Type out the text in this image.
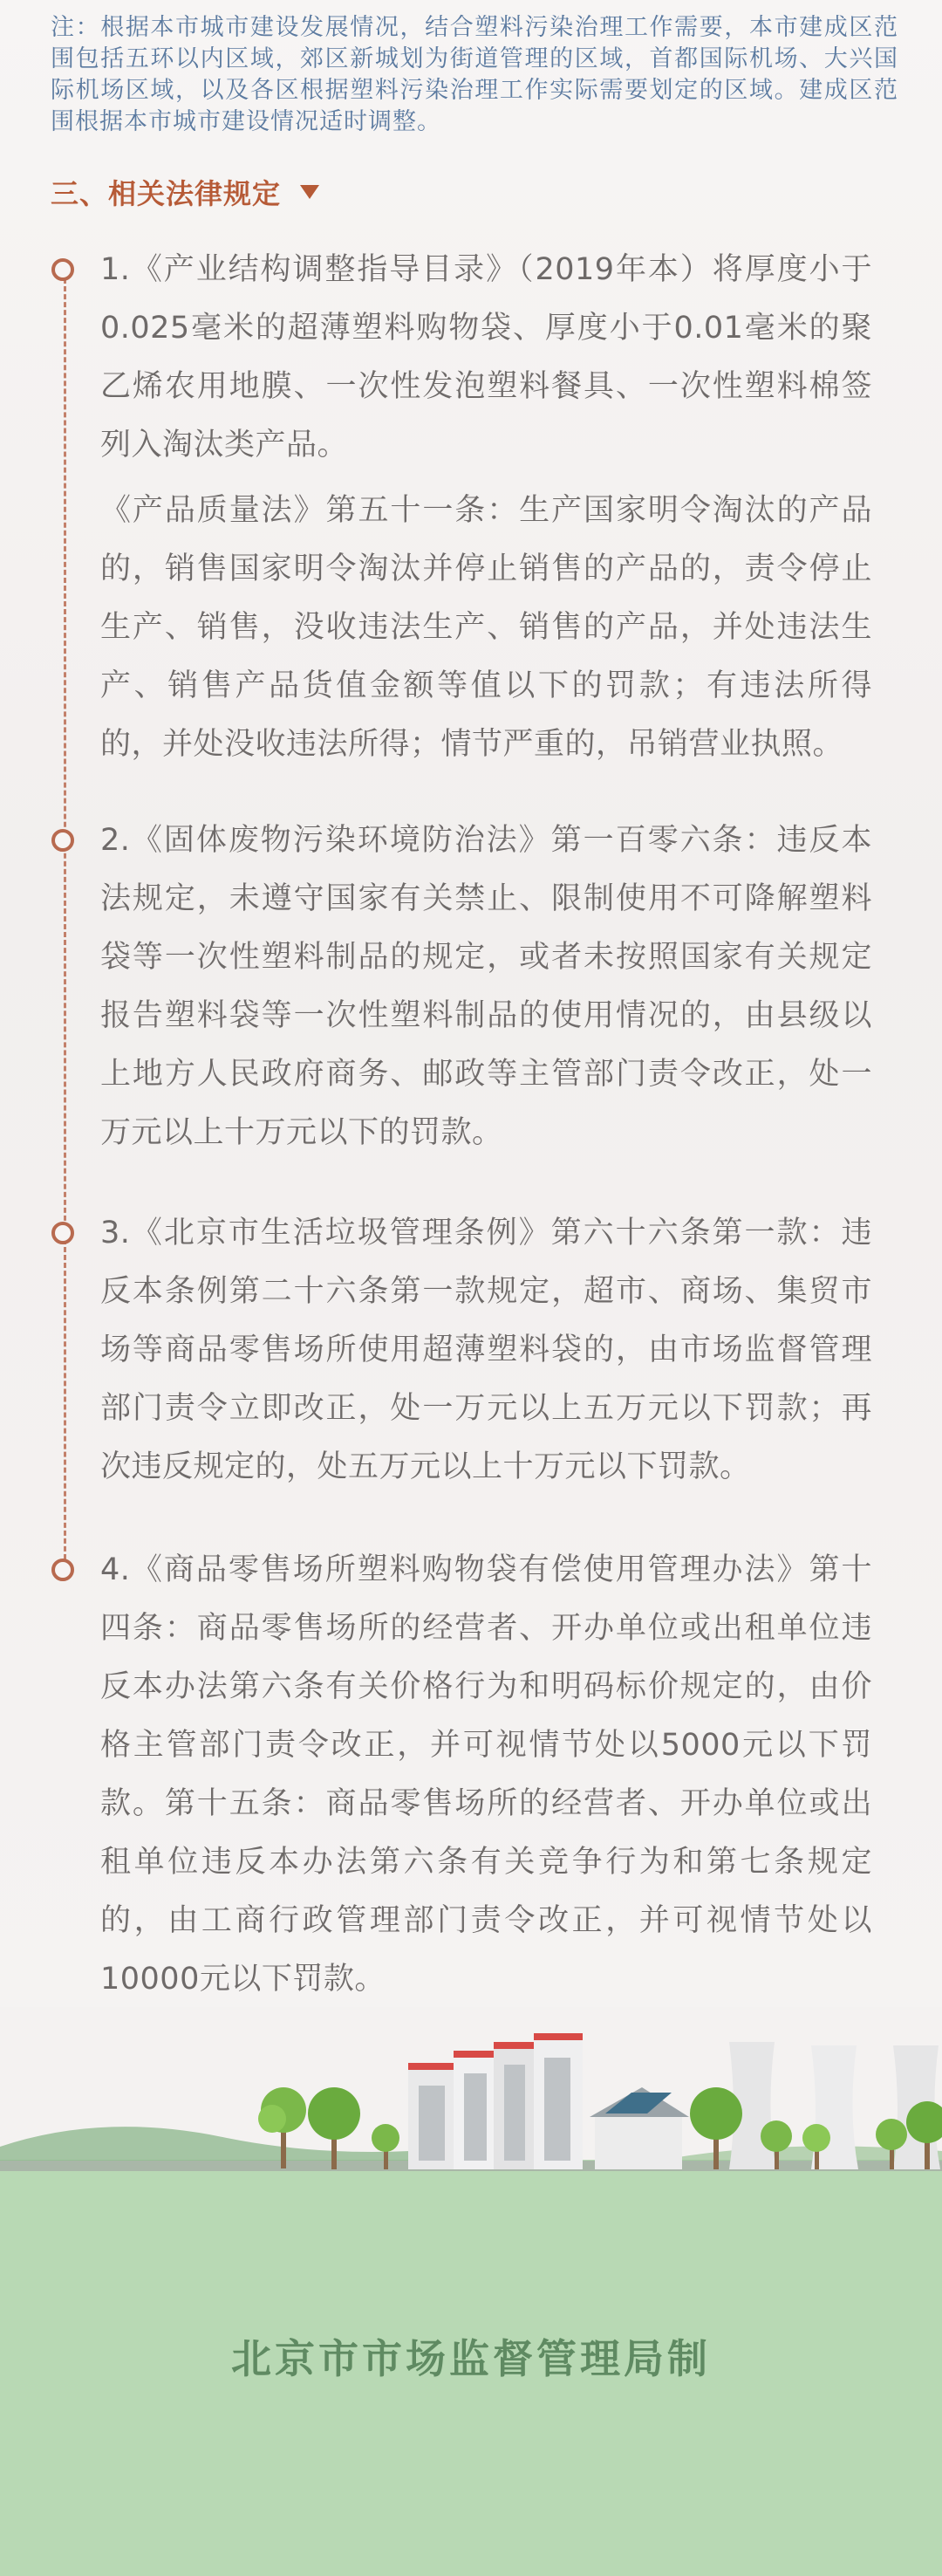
注：根据本市城市建设发展情况，结合塑料污染治理工作需要，本市建成区范围包括五环以内区域，郊区新城划为街道管理的区域，首都国际机场、大兴国际机场区域，以及各区根据塑料污染治理工作实际需要划定的区域。建成区范围根据本市城市建设情况适时调整。
三、相关法律规定
1.《产业结构调整指导目录》（2019年本）将厚度小于0.025毫米的超薄塑料购物袋、厚度小于0.01毫米的聚乙烯农用地膜、一次性发泡塑料餐具、一次性塑料棉签列入淘汰类产品。
《产品质量法》第五十一条：生产国家明令淘汰的产品的，销售国家明令淘汰并停止销售的产品的，责令停止生产、销售，没收违法生产、销售的产品，并处违法生产、销售产品货值金额等值以下的罚款；有违法所得的，并处没收违法所得；情节严重的，吊销营业执照。
2.《固体废物污染环境防治法》第一百零六条：违反本法规定，未遵守国家有关禁止、限制使用不可降解塑料袋等一次性塑料制品的规定，或者未按照国家有关规定报告塑料袋等一次性塑料制品的使用情况的，由县级以上地方人民政府商务、邮政等主管部门责令改正，处一万元以上十万元以下的罚款。
3.《北京市生活垃圾管理条例》第六十六条第一款：违反本条例第二十六条第一款规定，超市、商场、集贸市场等商品零售场所使用超薄塑料袋的，由市场监督管理部门责令立即改正，处一万元以上五万元以下罚款；再次违反规定的，处五万元以上十万元以下罚款。
4.《商品零售场所塑料购物袋有偿使用管理办法》第十四条：商品零售场所的经营者、开办单位或出租单位违反本办法第六条有关价格行为和明码标价规定的，由价格主管部门责令改正，并可视情节处以5000元以下罚款。第十五条：商品零售场所的经营者、开办单位或出租单位违反本办法第六条有关竞争行为和第七条规定的，由工商行政管理部门责令改正，并可视情节处以10000元以下罚款。
北京市市场监督管理局制
